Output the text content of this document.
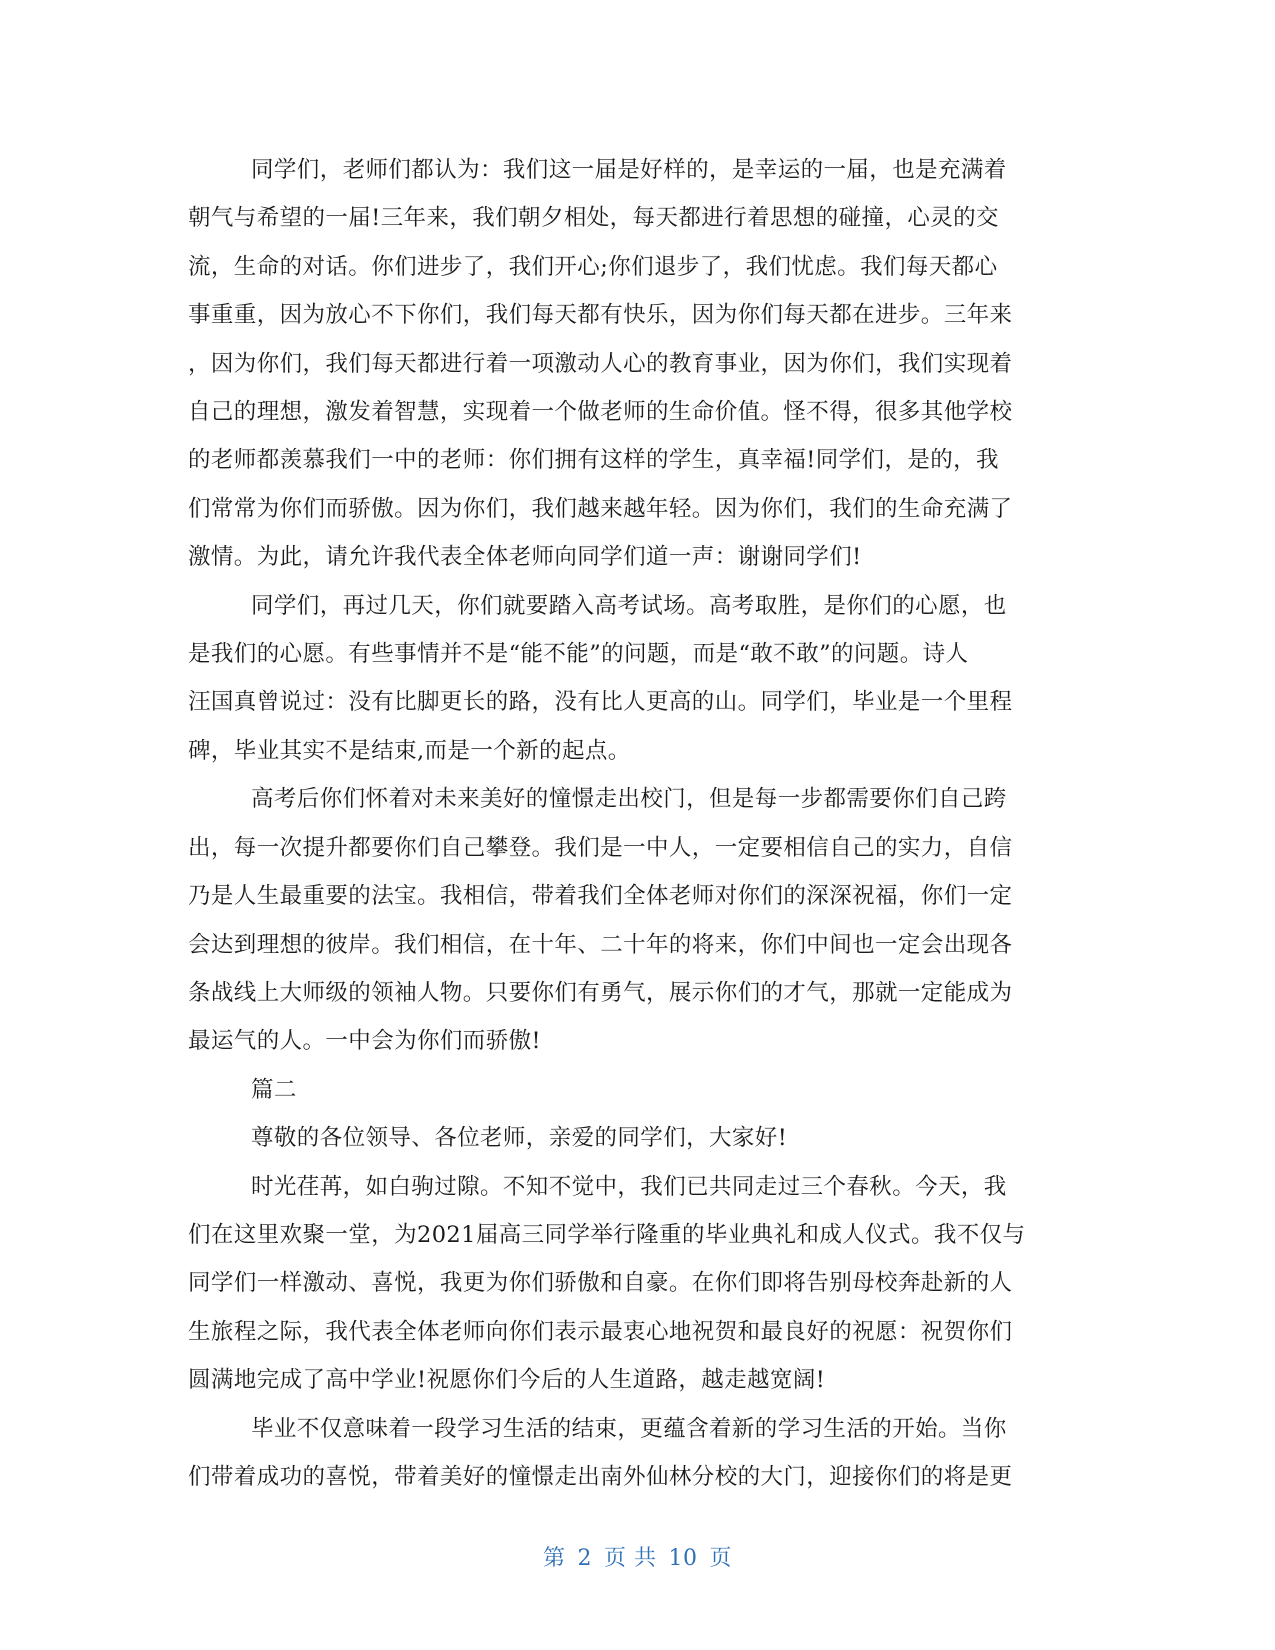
同学们，老师们都认为：我们这一届是好样的，是幸运的一届，也是充满着
朝气与希望的一届!三年来，我们朝夕相处，每天都进行着思想的碰撞，心灵的交
流，生命的对话。你们进步了，我们开心;你们退步了，我们忧虑。我们每天都心
事重重，因为放心不下你们，我们每天都有快乐，因为你们每天都在进步。三年来
，因为你们，我们每天都进行着一项激动人心的教育事业，因为你们，我们实现着
自己的理想，激发着智慧，实现着一个做老师的生命价值。怪不得，很多其他学校
的老师都羡慕我们一中的老师：你们拥有这样的学生，真幸福!同学们，是的，我
们常常为你们而骄傲。因为你们，我们越来越年轻。因为你们，我们的生命充满了
激情。为此，请允许我代表全体老师向同学们道一声：谢谢同学们!

同学们，再过几天，你们就要踏入高考试场。高考取胜，是你们的心愿，也
是我们的心愿。有些事情并不是“能不能”的问题，而是“敢不敢”的问题。诗人
汪国真曾说过：没有比脚更长的路，没有比人更高的山。同学们，毕业是一个里程
碑，毕业其实不是结束,而是一个新的起点。

高考后你们怀着对未来美好的憧憬走出校门，但是每一步都需要你们自己跨
出，每一次提升都要你们自己攀登。我们是一中人，一定要相信自己的实力，自信
乃是人生最重要的法宝。我相信，带着我们全体老师对你们的深深祝福，你们一定
会达到理想的彼岸。我们相信，在十年、二十年的将来，你们中间也一定会出现各
条战线上大师级的领袖人物。只要你们有勇气，展示你们的才气，那就一定能成为
最运气的人。一中会为你们而骄傲!

篇二

尊敬的各位领导、各位老师，亲爱的同学们，大家好!

时光荏苒，如白驹过隙。不知不觉中，我们已共同走过三个春秋。今天，我
们在这里欢聚一堂，为2021届高三同学举行隆重的毕业典礼和成人仪式。我不仅与
同学们一样激动、喜悦，我更为你们骄傲和自豪。在你们即将告别母校奔赴新的人
生旅程之际，我代表全体老师向你们表示最衷心地祝贺和最良好的祝愿：祝贺你们
圆满地完成了高中学业!祝愿你们今后的人生道路，越走越宽阔!

毕业不仅意味着一段学习生活的结束，更蕴含着新的学习生活的开始。当你
们带着成功的喜悦，带着美好的憧憬走出南外仙林分校的大门，迎接你们的将是更

第 2 页 共 10 页
